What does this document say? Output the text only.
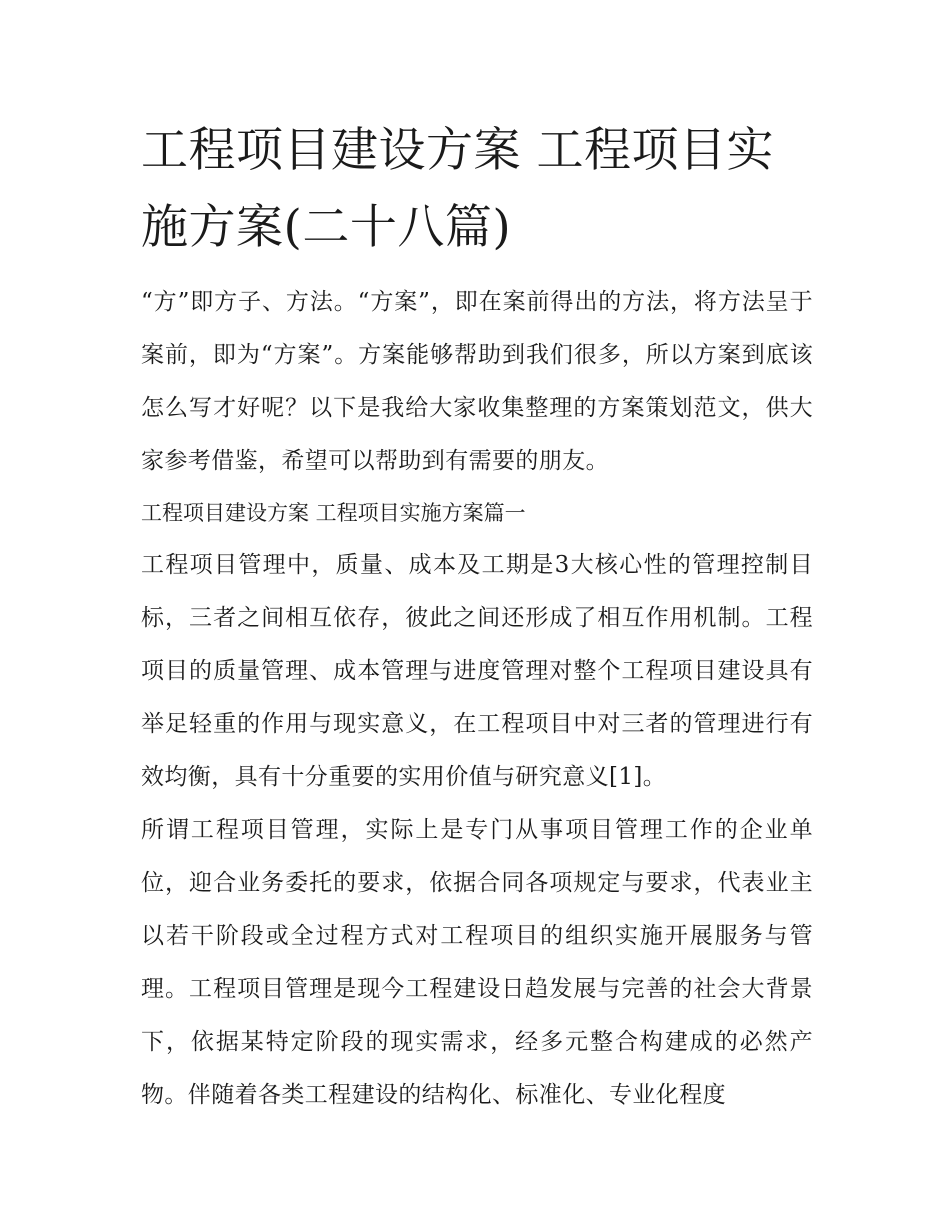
工程项目建设方案 工程项目实施方案(二十八篇)

“方”即方子、方法。“方案”，即在案前得出的方法，将方法呈于案前，即为“方案”。方案能够帮助到我们很多，所以方案到底该怎么写才好呢？以下是我给大家收集整理的方案策划范文，供大家参考借鉴，希望可以帮助到有需要的朋友。

工程项目建设方案 工程项目实施方案篇一

工程项目管理中，质量、成本及工期是3大核心性的管理控制目标，三者之间相互依存，彼此之间还形成了相互作用机制。工程项目的质量管理、成本管理与进度管理对整个工程项目建设具有举足轻重的作用与现实意义，在工程项目中对三者的管理进行有效均衡，具有十分重要的实用价值与研究意义[1]。

所谓工程项目管理，实际上是专门从事项目管理工作的企业单位，迎合业务委托的要求，依据合同各项规定与要求，代表业主以若干阶段或全过程方式对工程项目的组织实施开展服务与管理。工程项目管理是现今工程建设日趋发展与完善的社会大背景下，依据某特定阶段的现实需求，经多元整合构建成的必然产物。伴随着各类工程建设的结构化、标准化、专业化程度
